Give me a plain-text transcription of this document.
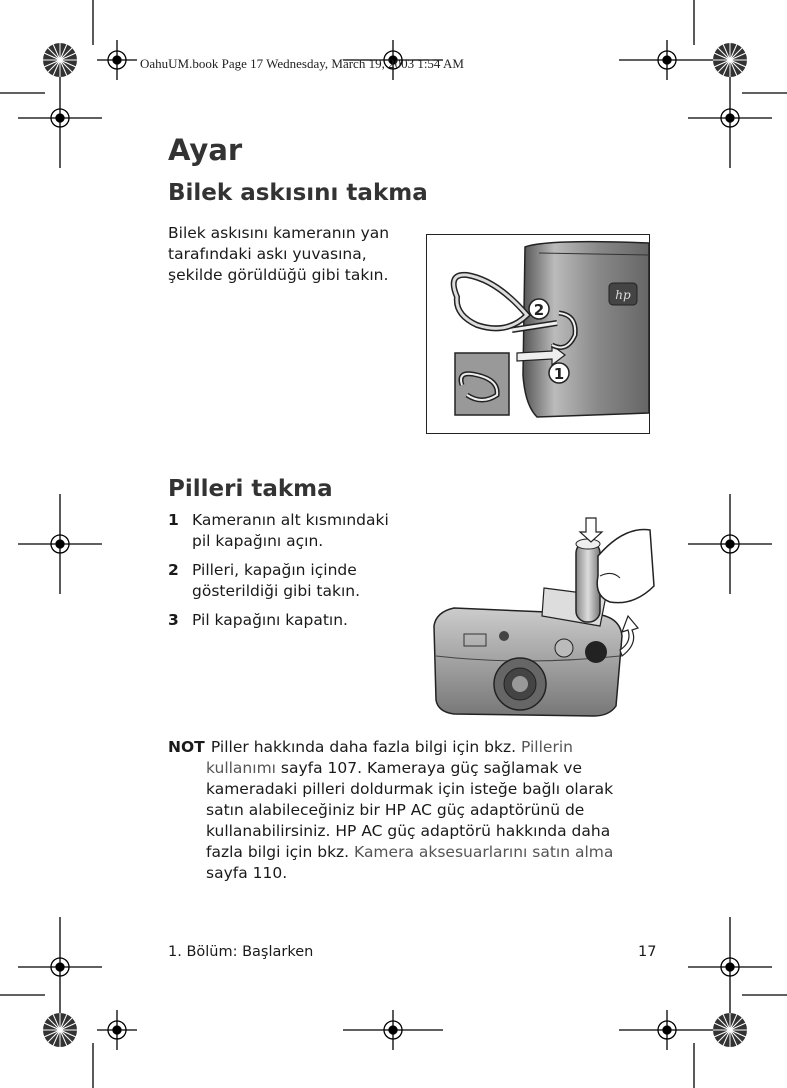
OahuUM.book Page 17 Wednesday, March 19, 2003 1:54 AM
Ayar
Bilek askısını takma
Bilek askısını kameranın yan tarafındaki askı yuvasına, şekilde görüldüğü gibi takın.
hp
2
1
Pilleri takma
1 Kameranın alt kısmındaki pil kapağını açın.
2 Pilleri, kapağın içinde gösterildiği gibi takın.
3 Pil kapağını kapatın.
NOT Piller hakkında daha fazla bilgi için bkz. Pillerin kullanımı sayfa 107. Kameraya güç sağlamak ve kameradaki pilleri doldurmak için isteğe bağlı olarak satın alabileceğiniz bir HP AC güç adaptörünü de kullanabilirsiniz. HP AC güç adaptörü hakkında daha fazla bilgi için bkz. Kamera aksesuarlarını satın alma sayfa 110.
1. Bölüm: Başlarken	17
